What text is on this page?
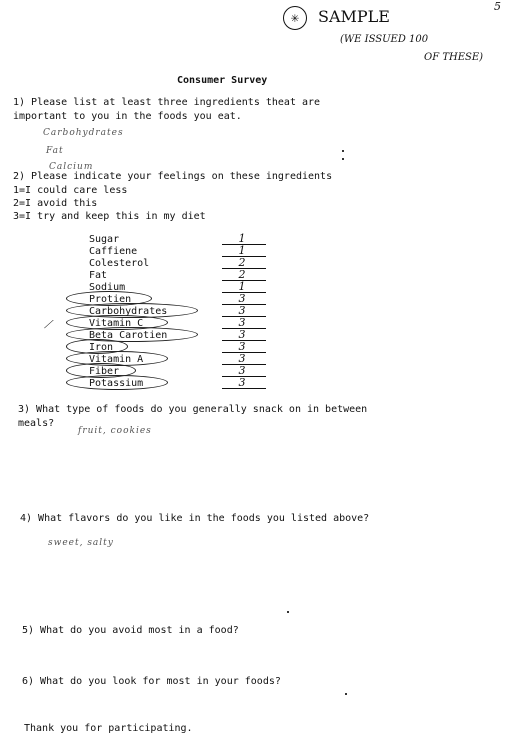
✳	SAMPLE
(WE ISSUED 100
OF THESE)
5
Consumer Survey
1) Please list at least three ingredients theat are
important to you in the foods you eat.
Carbohydrates
Fat
Calcium
2) Please indicate your feelings on these ingredients
1=I could care less
2=I avoid this
3=I try and keep this in my diet
Sugar	1
Caffiene	1
Colesterol	2
Fat	2
Sodium	1
Protien	3
Carbohydrates	3
Vitamin C	3
Beta Carotien	3
Iron	3
Vitamin A	3
Fiber	3
Potassium	3
⟋
3) What type of foods do you generally snack on in between
meals?
fruit, cookies
4) What flavors do you like in the foods you listed above?
sweet, salty
5) What do you avoid most in a food?
6) What do you look for most in your foods?
Thank you for participating.
